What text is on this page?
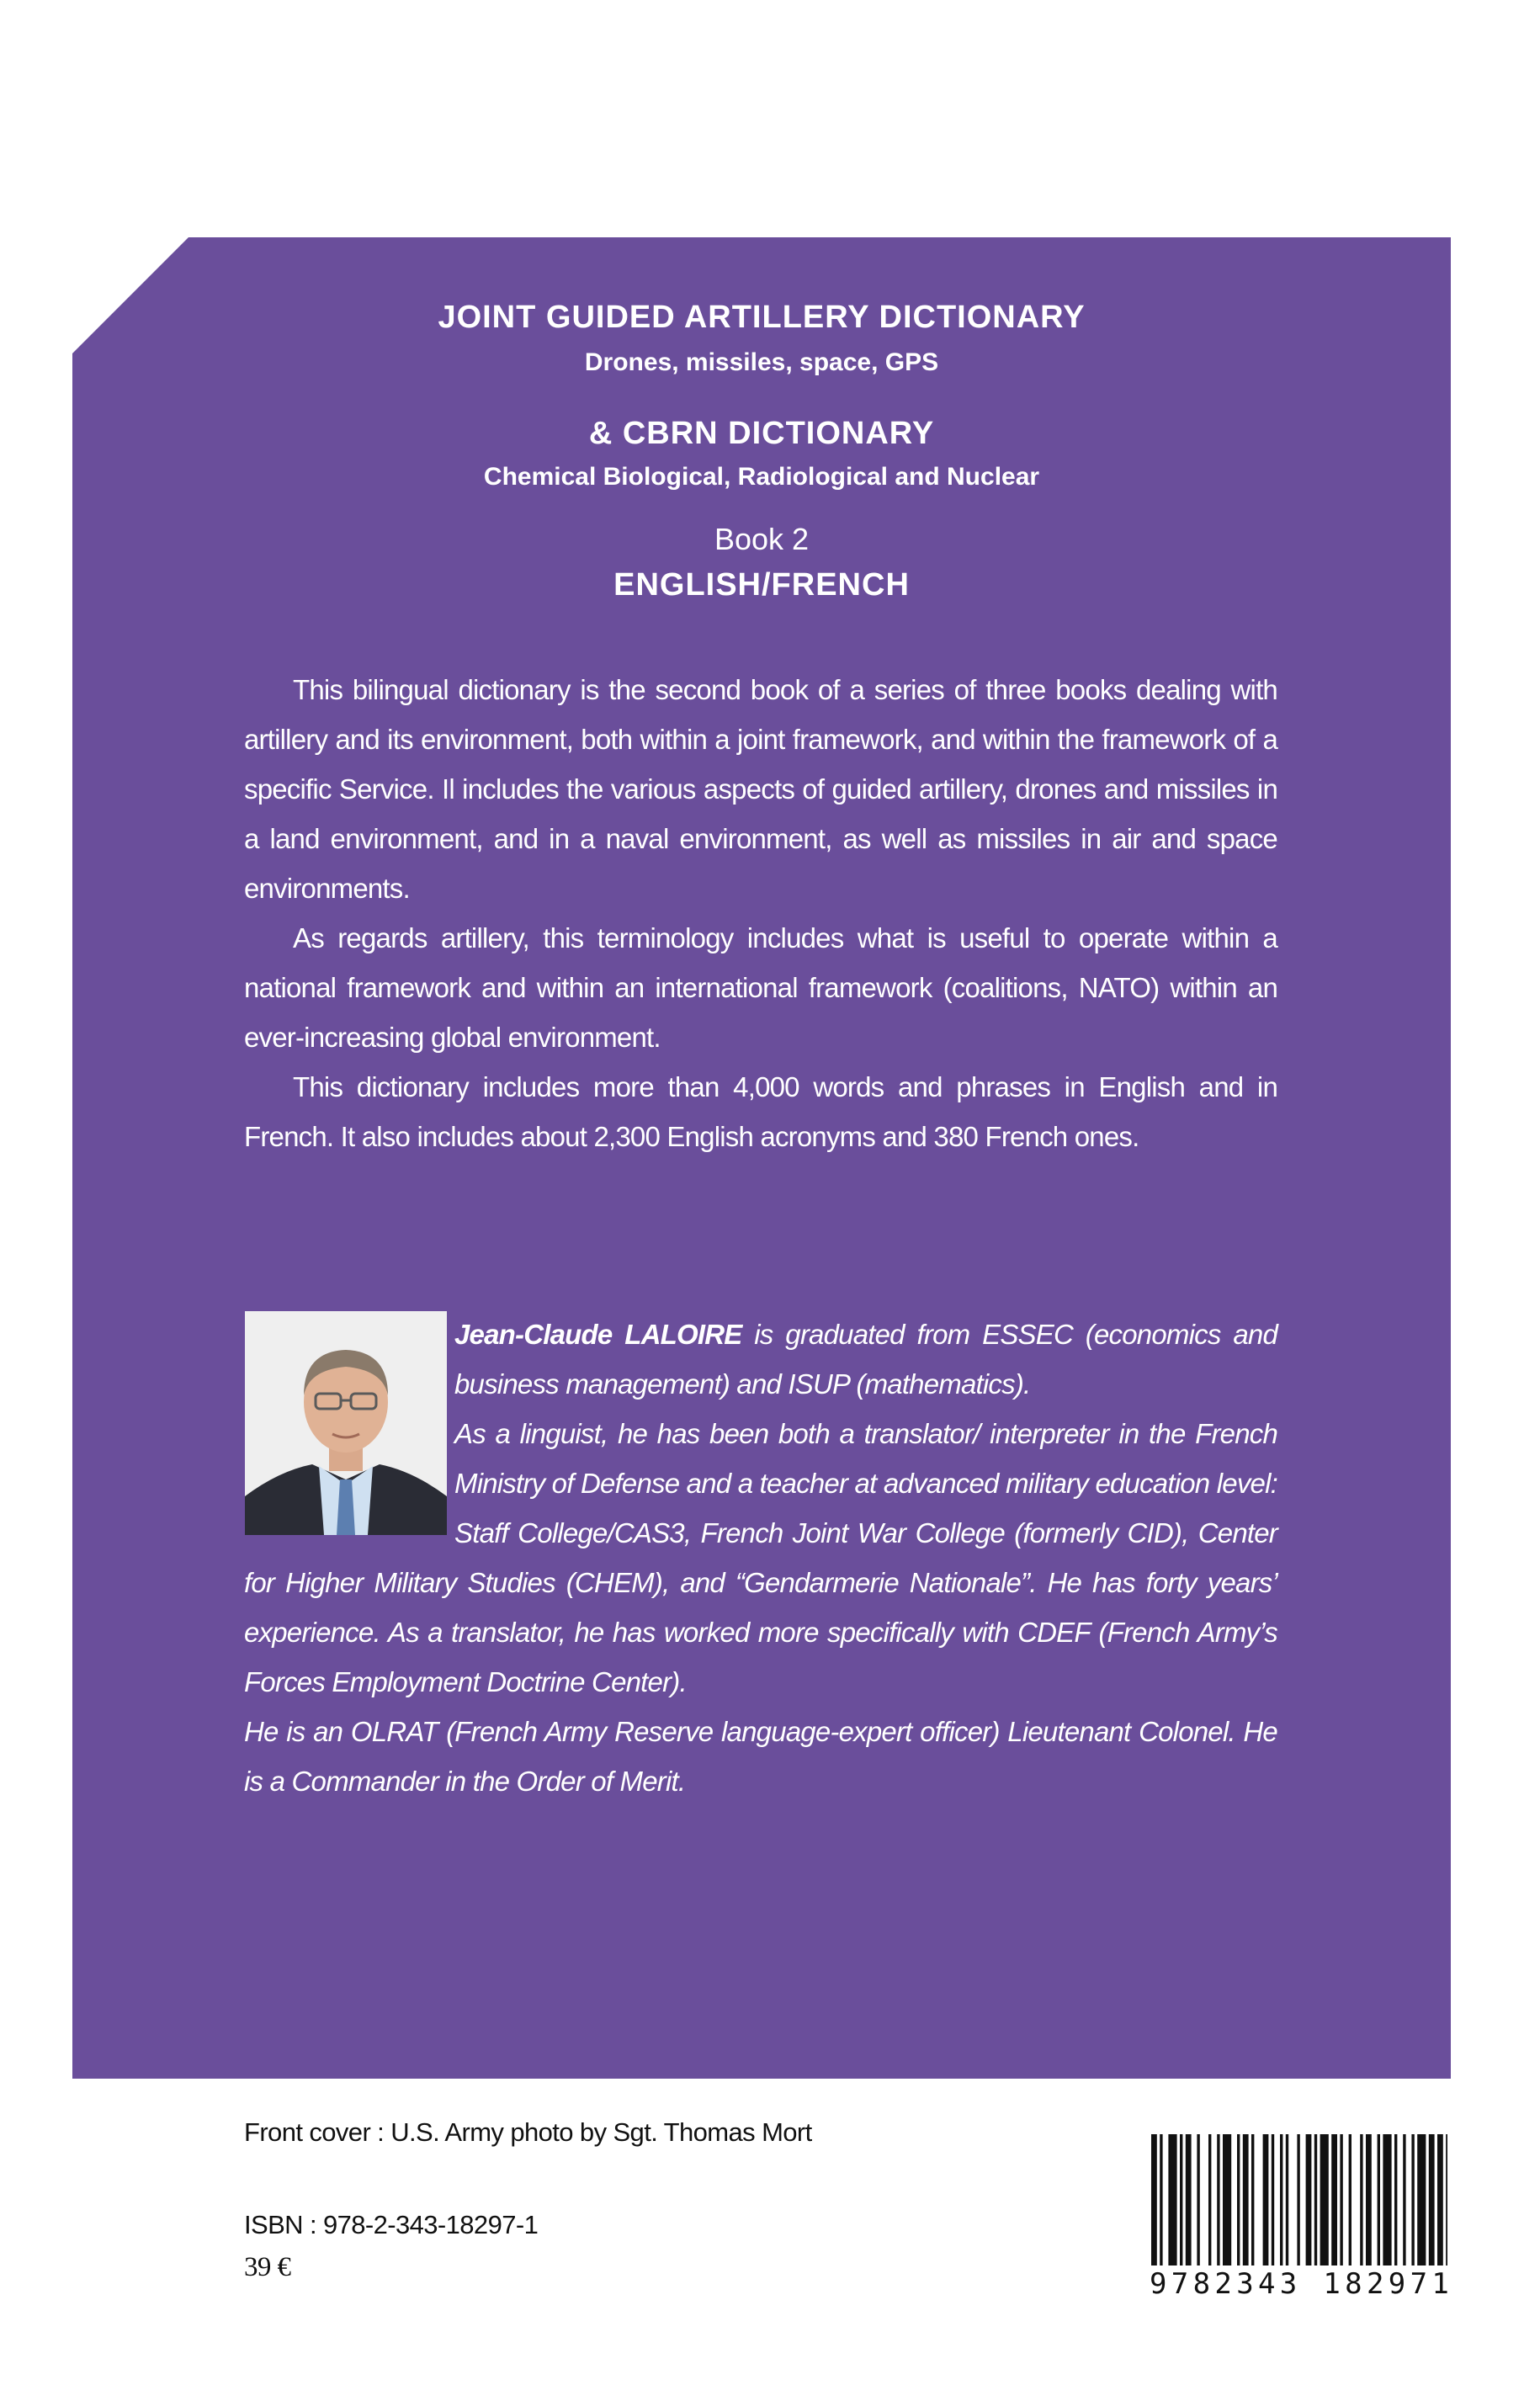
JOINT GUIDED ARTILLERY DICTIONARY
Drones, missiles, space, GPS
& CBRN DICTIONARY
Chemical Biological, Radiological and Nuclear
Book 2
ENGLISH/FRENCH

This bilingual dictionary is the second book of a series of three books dealing with artillery and its environment, both within a joint framework, and within the framework of a specific Service. Il includes the various aspects of guided artillery, drones and missiles in a land environment, and in a naval environment, as well as missiles in air and space environments.

As regards artillery, this terminology includes what is useful to operate within a national framework and within an international framework (coalitions, NATO) within an ever-increasing global environment.

This dictionary includes more than 4,000 words and phrases in English and in French. It also includes about 2,300 English acronyms and 380 French ones.

Jean-Claude LALOIRE is graduated from ESSEC (economics and business management) and ISUP (mathematics).

As a linguist, he has been both a translator/ interpreter in the French Ministry of Defense and a teacher at advanced military education level: Staff College/CAS3, French Joint War College (formerly CID), Center for Higher Military Studies (CHEM), and “Gendarmerie Nationale”. He has forty years’ experience. As a translator, he has worked more specifically with CDEF (French Army’s Forces Employment Doctrine Center).

He is an OLRAT (French Army Reserve language-expert officer) Lieutenant Colonel. He is a Commander in the Order of Merit.

Front cover : U.S. Army photo by Sgt. Thomas Mort
ISBN : 978-2-343-18297-1
39 €	9 7 8 2 3 4 3
1 8 2 9 7 1
